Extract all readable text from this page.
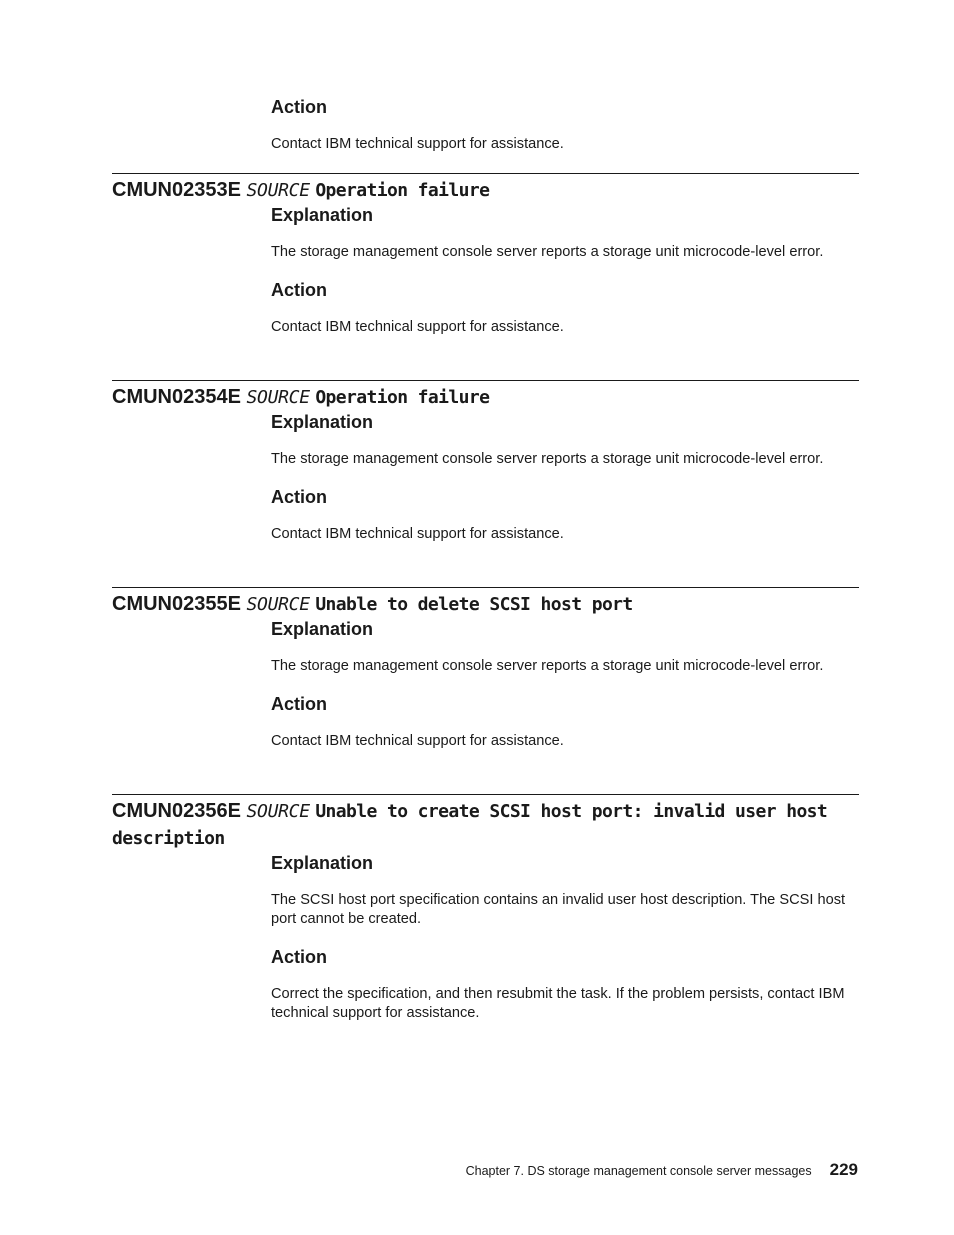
Action

Contact IBM technical support for assistance.

CMUN02353E SOURCE Operation failure
Explanation

The storage management console server reports a storage unit microcode-level error.

Action

Contact IBM technical support for assistance.

CMUN02354E SOURCE Operation failure
Explanation

The storage management console server reports a storage unit microcode-level error.

Action

Contact IBM technical support for assistance.

CMUN02355E SOURCE Unable to delete SCSI host port
Explanation

The storage management console server reports a storage unit microcode-level error.

Action

Contact IBM technical support for assistance.

CMUN02356E SOURCE Unable to create SCSI host port: invalid user host description
Explanation

The SCSI host port specification contains an invalid user host description. The SCSI host port cannot be created.

Action

Correct the specification, and then resubmit the task. If the problem persists, contact IBM technical support for assistance.

Chapter 7. DS storage management console server messages 229
